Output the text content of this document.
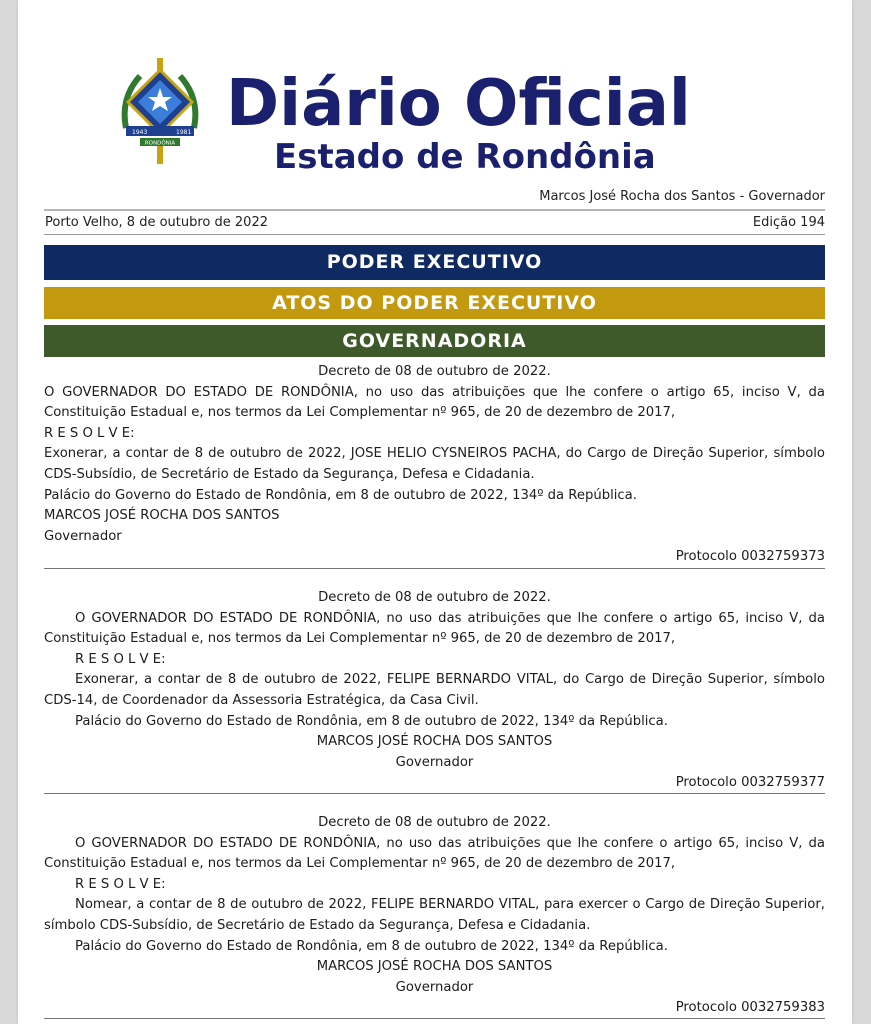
1943	1981
RONDÔNIA
Diário Oficial
Estado de Rondônia
Marcos José Rocha dos Santos - Governador
Porto Velho, 8 de outubro de 2022	Edição 194
PODER EXECUTIVO
ATOS DO PODER EXECUTIVO
GOVERNADORIA

Decreto de 08 de outubro de 2022.

O GOVERNADOR DO ESTADO DE RONDÔNIA, no uso das atribuições que lhe confere o artigo 65, inciso V, da Constituição Estadual e, nos termos da Lei Complementar nº 965, de 20 de dezembro de 2017,

R E S O L V E:

Exonerar, a contar de 8 de outubro de 2022, JOSE HELIO CYSNEIROS PACHA, do Cargo de Direção Superior, símbolo CDS-Subsídio, de Secretário de Estado da Segurança, Defesa e Cidadania.

Palácio do Governo do Estado de Rondônia, em 8 de outubro de 2022, 134º da República.

MARCOS JOSÉ ROCHA DOS SANTOS

Governador

Protocolo 0032759373

Decreto de 08 de outubro de 2022.

O GOVERNADOR DO ESTADO DE RONDÔNIA, no uso das atribuições que lhe confere o artigo 65, inciso V, da Constituição Estadual e, nos termos da Lei Complementar nº 965, de 20 de dezembro de 2017,

R E S O L V E:

Exonerar, a contar de 8 de outubro de 2022, FELIPE BERNARDO VITAL, do Cargo de Direção Superior, símbolo CDS-14, de Coordenador da Assessoria Estratégica, da Casa Civil.

Palácio do Governo do Estado de Rondônia, em 8 de outubro de 2022, 134º da República.

MARCOS JOSÉ ROCHA DOS SANTOS

Governador

Protocolo 0032759377

Decreto de 08 de outubro de 2022.

O GOVERNADOR DO ESTADO DE RONDÔNIA, no uso das atribuições que lhe confere o artigo 65, inciso V, da Constituição Estadual e, nos termos da Lei Complementar nº 965, de 20 de dezembro de 2017,

R E S O L V E:

Nomear, a contar de 8 de outubro de 2022, FELIPE BERNARDO VITAL, para exercer o Cargo de Direção Superior, símbolo CDS-Subsídio, de Secretário de Estado da Segurança, Defesa e Cidadania.

Palácio do Governo do Estado de Rondônia, em 8 de outubro de 2022, 134º da República.

MARCOS JOSÉ ROCHA DOS SANTOS

Governador

Protocolo 0032759383
